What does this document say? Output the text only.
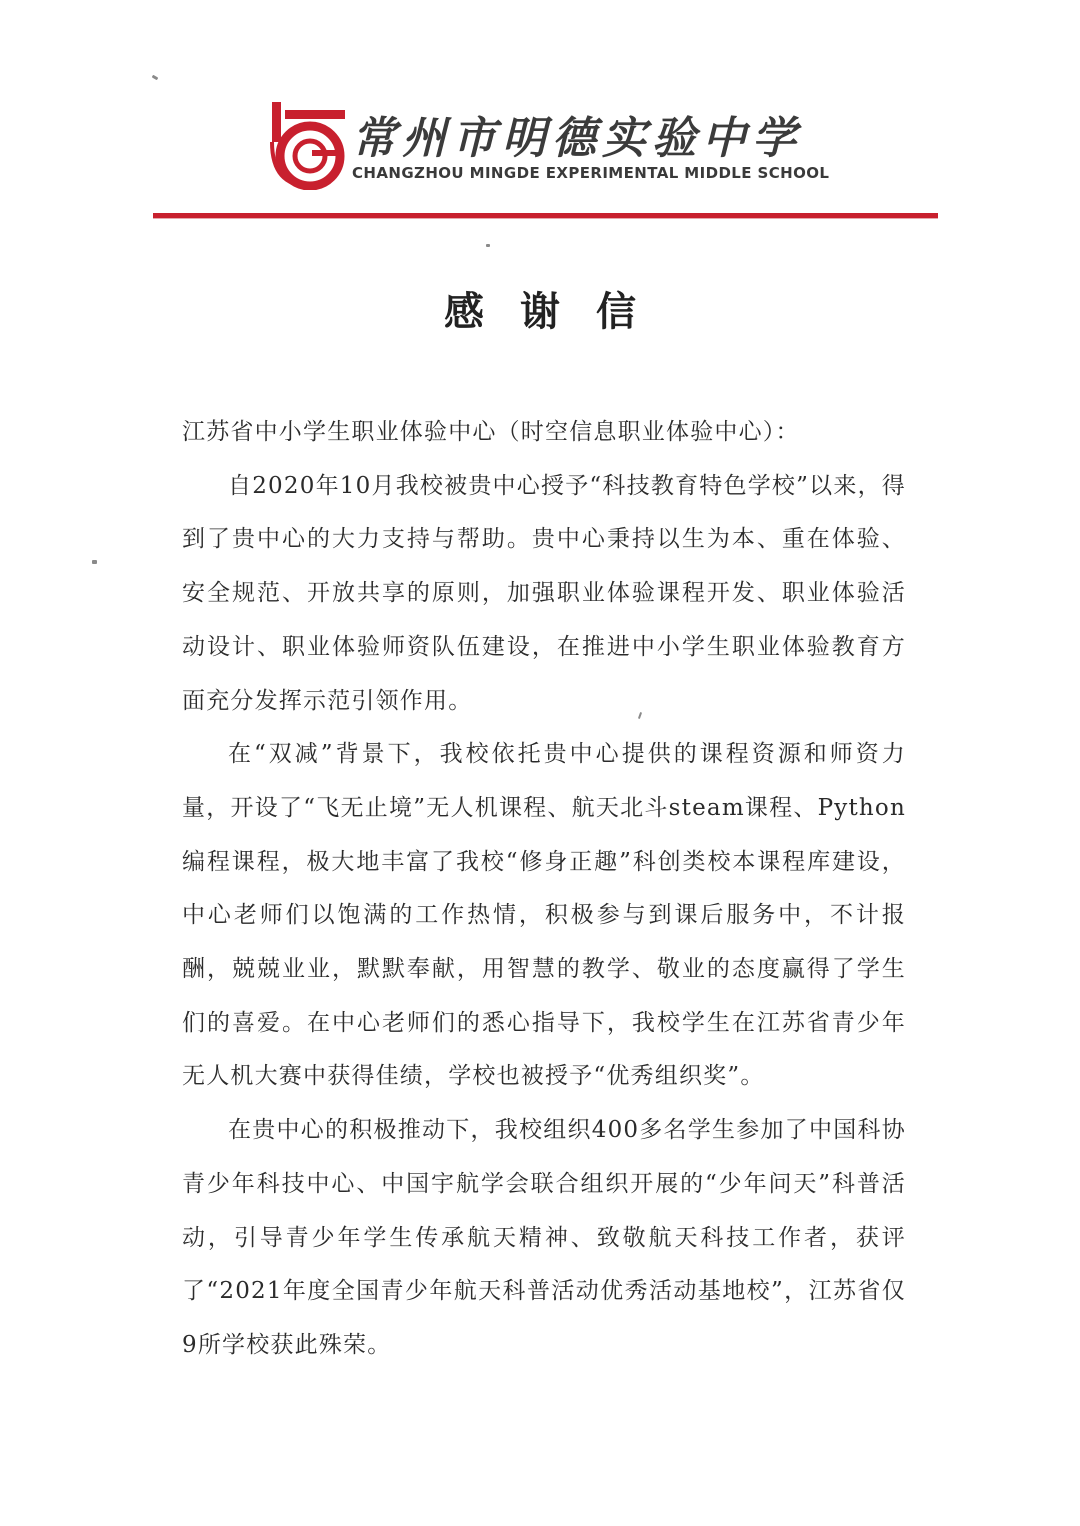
常州市明德实验中学
CHANGZHOU MINGDE EXPERIMENTAL MIDDLE SCHOOL
感谢信

江苏省中小学生职业体验中心（时空信息职业体验中心）：

自2020年10月我校被贵中心授予“科技教育特色学校”以来，得到了贵中心的大力支持与帮助。贵中心秉持以生为本、重在体验、安全规范、开放共享的原则，加强职业体验课程开发、职业体验活动设计、职业体验师资队伍建设，在推进中小学生职业体验教育方面充分发挥示范引领作用。

在“双减”背景下，我校依托贵中心提供的课程资源和师资力量，开设了“飞无止境”无人机课程、航天北斗steam课程、Python编程课程，极大地丰富了我校“修身正趣”科创类校本课程库建设，中心老师们以饱满的工作热情，积极参与到课后服务中，不计报酬，兢兢业业，默默奉献，用智慧的教学、敬业的态度赢得了学生们的喜爱。在中心老师们的悉心指导下，我校学生在江苏省青少年无人机大赛中获得佳绩，学校也被授予“优秀组织奖”。

在贵中心的积极推动下，我校组织400多名学生参加了中国科协青少年科技中心、中国宇航学会联合组织开展的“少年问天”科普活动，引导青少年学生传承航天精神、致敬航天科技工作者，获评了“2021年度全国青少年航天科普活动优秀活动基地校”，江苏省仅9所学校获此殊荣。
